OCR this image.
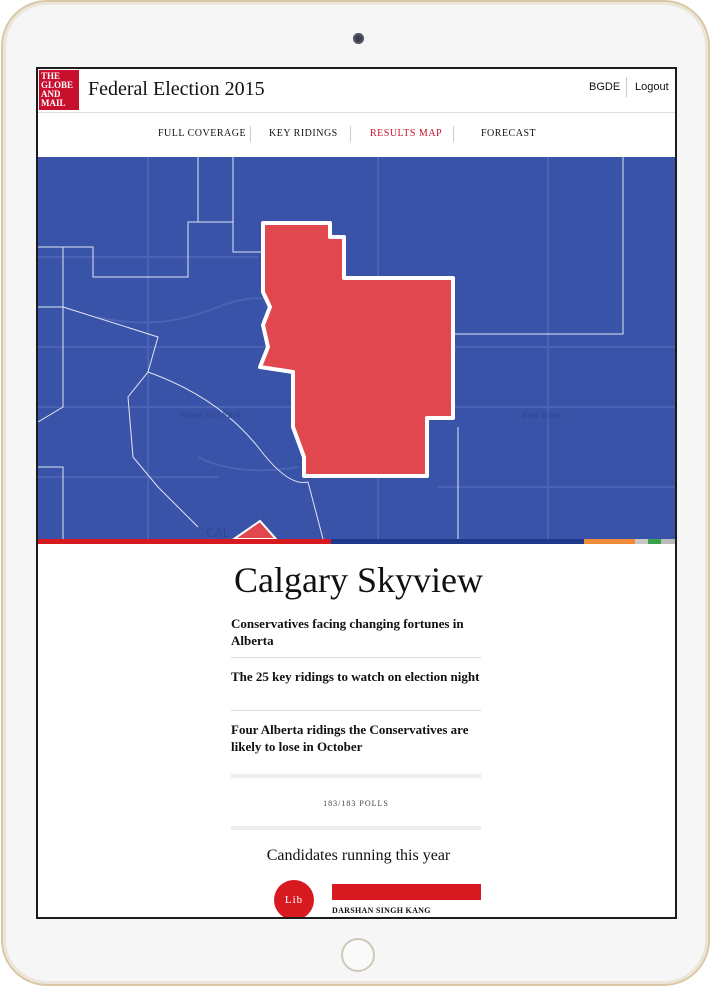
THE
GLOBE
AND
MAIL
Federal Election 2015	BGDE Logout
FULL COVERAGE KEY RIDINGS	RESULTS MAP	FORECAST
Nose Hill Park	Bow River
CAL
Calgary Skyview
Conservatives facing changing fortunes in Alberta
The 25 key ridings to watch on election night
Four Alberta ridings the Conservatives are likely to lose in October
183/183 POLLS
Candidates running this year
Lib
DARSHAN SINGH KANG
